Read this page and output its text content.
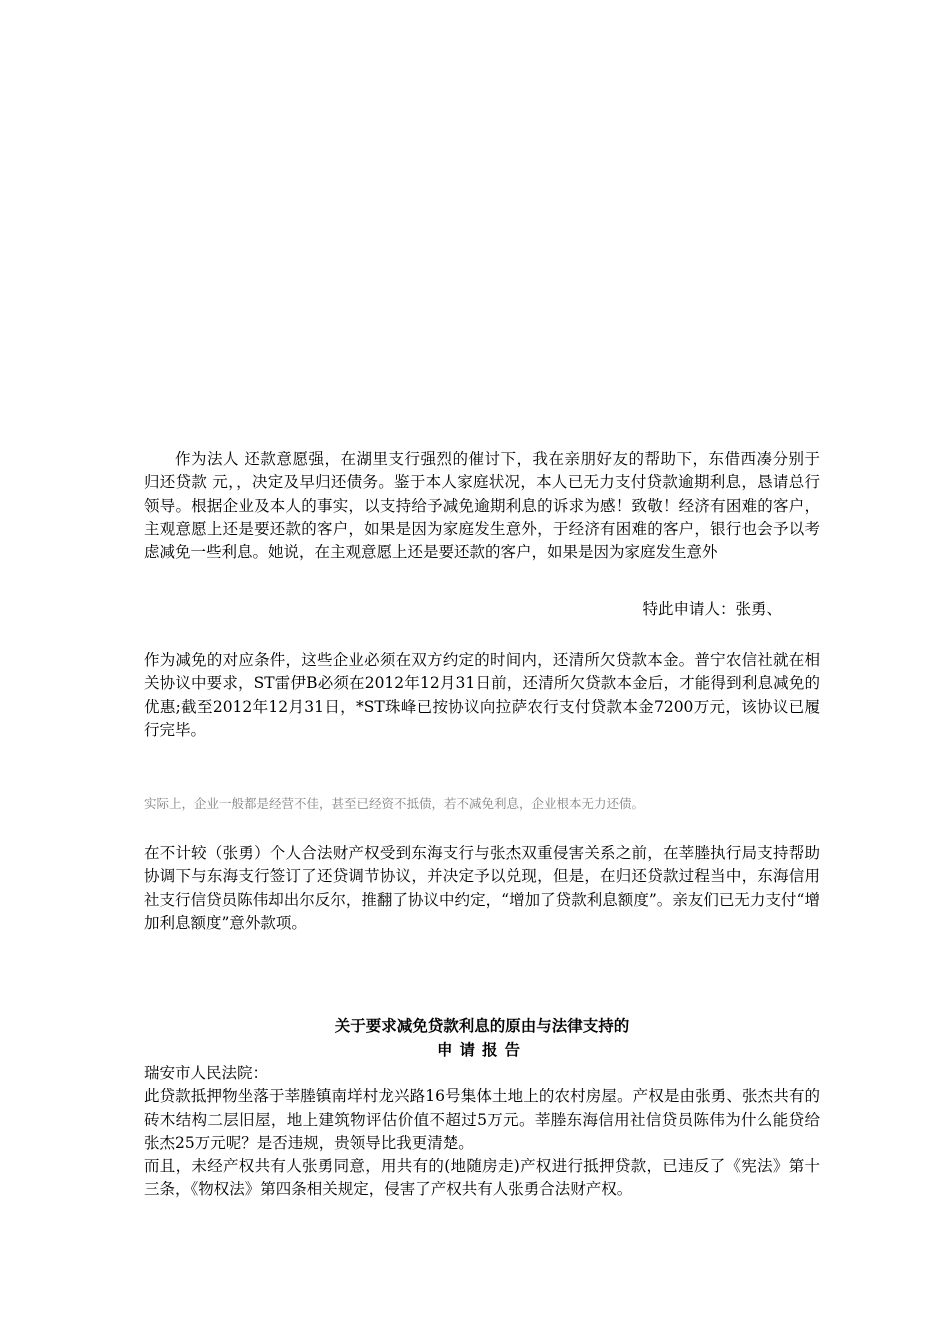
作为法人 还款意愿强，在湖里支行强烈的催讨下，我在亲朋好友的帮助下，东借西凑分别于 归还贷款 元，，决定及早归还债务。鉴于本人家庭状况，本人已无力支付贷款逾期利息，恳请总行领导。根据企业及本人的事实，以支持给予减免逾期利息的诉求为感！致敬！经济有困难的客户，主观意愿上还是要还款的客户，如果是因为家庭发生意外，于经济有困难的客户，银行也会予以考虑减免一些利息。她说，在主观意愿上还是要还款的客户，如果是因为家庭发生意外
特此申请人：张勇、
作为减免的对应条件，这些企业必须在双方约定的时间内，还清所欠贷款本金。普宁农信社就在相关协议中要求，ST雷伊B必须在2012年12月31日前，还清所欠贷款本金后，才能得到利息减免的优惠;截至2012年12月31日，*ST珠峰已按协议向拉萨农行支付贷款本金7200万元，该协议已履行完毕。
实际上，企业一般都是经营不佳，甚至已经资不抵债，若不减免利息，企业根本无力还债。
在不计较（张勇）个人合法财产权受到东海支行与张杰双重侵害关系之前，在莘塍执行局支持帮助协调下与东海支行签订了还贷调节协议，并决定予以兑现，但是，在归还贷款过程当中，东海信用社支行信贷员陈伟却出尔反尔，推翻了协议中约定，“增加了贷款利息额度”。亲友们已无力支付“增加利息额度”意外款项。
关于要求减免贷款利息的原由与法律支持的
申请报告
瑞安市人民法院：
此贷款抵押物坐落于莘塍镇南垟村龙兴路16号集体土地上的农村房屋。产权是由张勇、张杰共有的砖木结构二层旧屋，地上建筑物评估价值不超过5万元。莘塍东海信用社信贷员陈伟为什么能贷给张杰25万元呢？是否违规，贵领导比我更清楚。
而且，未经产权共有人张勇同意，用共有的(地随房走)产权进行抵押贷款，已违反了《宪法》第十三条，《物权法》第四条相关规定，侵害了产权共有人张勇合法财产权。
